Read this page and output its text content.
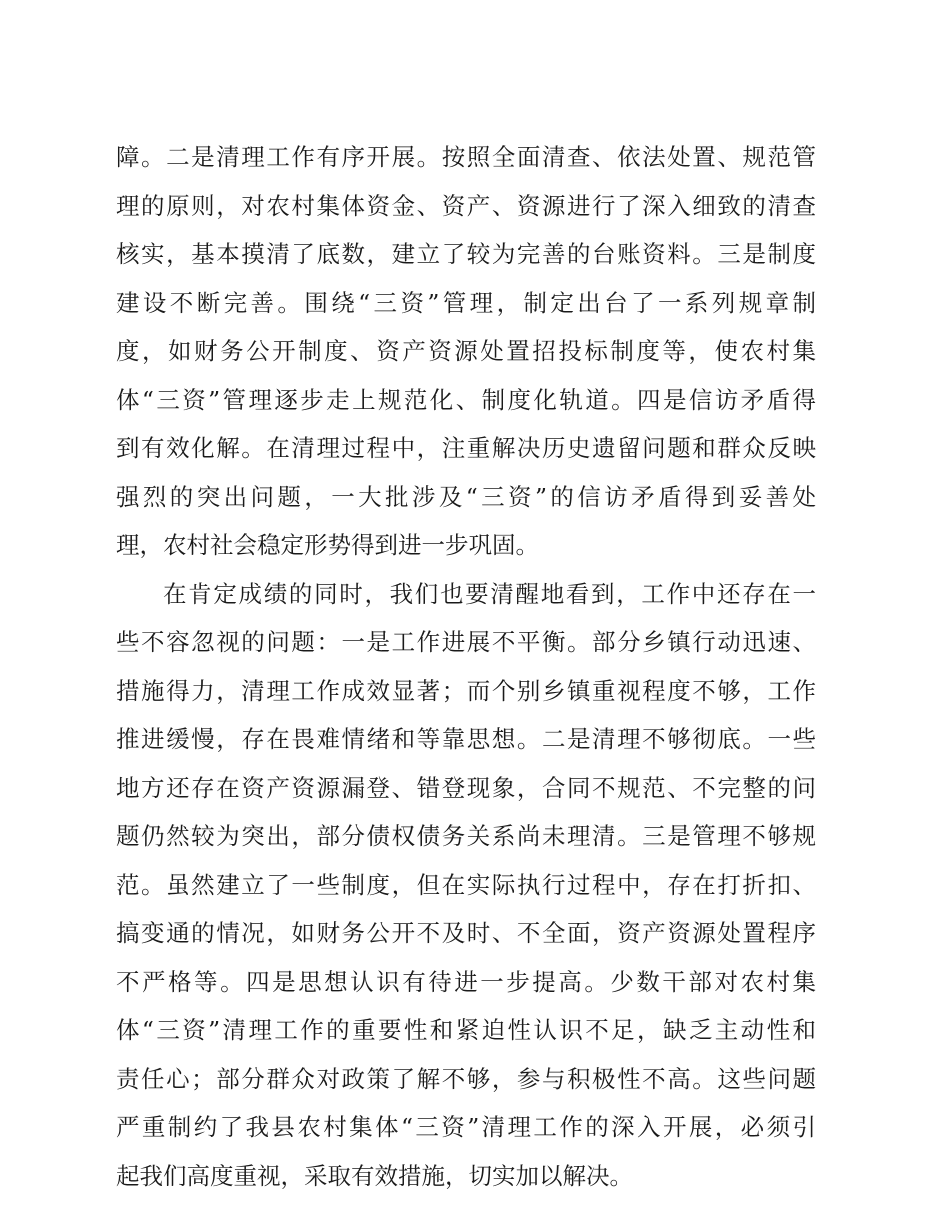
障。二是清理工作有序开展。按照全面清查、依法处置、规范管
理的原则，对农村集体资金、资产、资源进行了深入细致的清查
核实，基本摸清了底数，建立了较为完善的台账资料。三是制度
建设不断完善。围绕“三资”管理，制定出台了一系列规章制
度，如财务公开制度、资产资源处置招投标制度等，使农村集
体“三资”管理逐步走上规范化、制度化轨道。四是信访矛盾得
到有效化解。在清理过程中，注重解决历史遗留问题和群众反映
强烈的突出问题，一大批涉及“三资”的信访矛盾得到妥善处
理，农村社会稳定形势得到进一步巩固。
在肯定成绩的同时，我们也要清醒地看到，工作中还存在一
些不容忽视的问题：一是工作进展不平衡。部分乡镇行动迅速、
措施得力，清理工作成效显著；而个别乡镇重视程度不够，工作
推进缓慢，存在畏难情绪和等靠思想。二是清理不够彻底。一些
地方还存在资产资源漏登、错登现象，合同不规范、不完整的问
题仍然较为突出，部分债权债务关系尚未理清。三是管理不够规
范。虽然建立了一些制度，但在实际执行过程中，存在打折扣、
搞变通的情况，如财务公开不及时、不全面，资产资源处置程序
不严格等。四是思想认识有待进一步提高。少数干部对农村集
体“三资”清理工作的重要性和紧迫性认识不足，缺乏主动性和
责任心；部分群众对政策了解不够，参与积极性不高。这些问题
严重制约了我县农村集体“三资”清理工作的深入开展，必须引
起我们高度重视，采取有效措施，切实加以解决。
